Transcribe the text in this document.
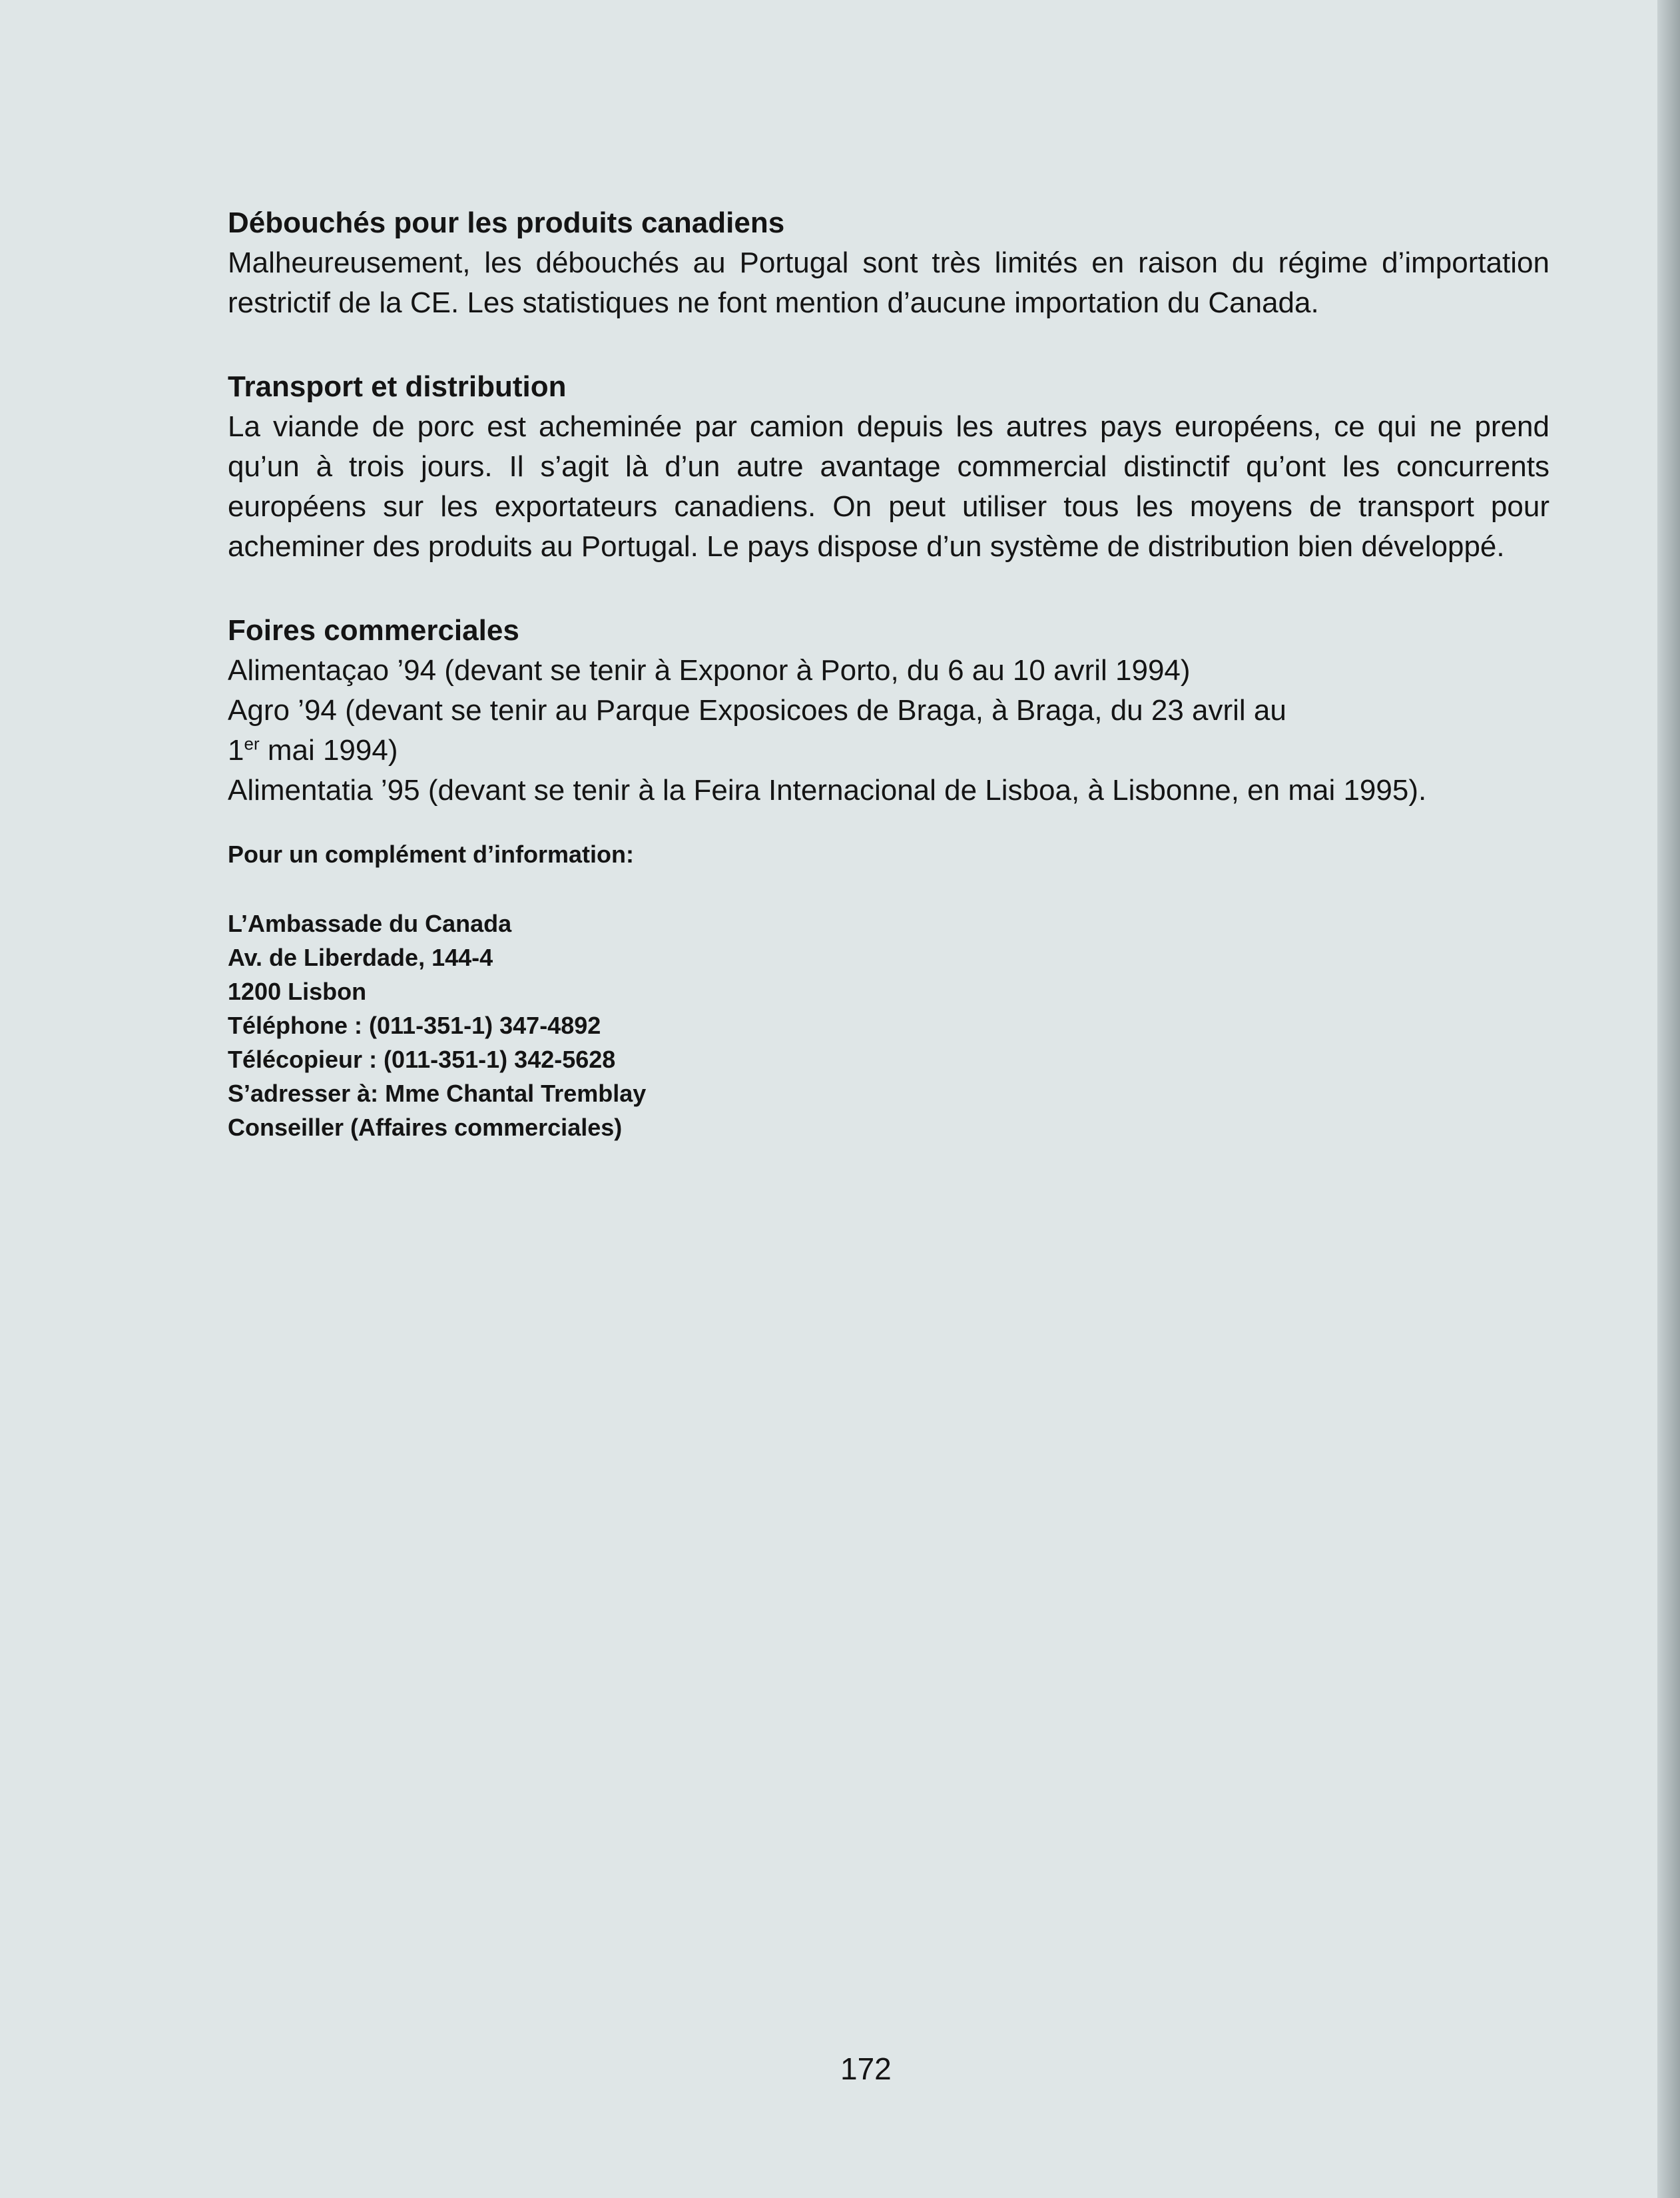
Débouchés pour les produits canadiens

Malheureusement, les débouchés au Portugal sont très limités en raison du régime d’importation restrictif de la CE. Les statistiques ne font mention d’aucune importation du Canada.

Transport et distribution

La viande de porc est acheminée par camion depuis les autres pays européens, ce qui ne prend qu’un à trois jours. Il s’agit là d’un autre avantage commercial distinctif qu’ont les concurrents européens sur les exportateurs canadiens. On peut utiliser tous les moyens de transport pour acheminer des produits au Portugal. Le pays dispose d’un système de distribution bien développé.

Foires commerciales

Alimentaçao ’94 (devant se tenir à Exponor à Porto, du 6 au 10 avril 1994)

Agro ’94 (devant se tenir au Parque Exposicoes de Braga, à Braga, du 23 avril au

1er mai 1994)

Alimentatia ’95 (devant se tenir à la Feira Internacional de Lisboa, à Lisbonne, en mai 1995).

Pour un complément d’information:

L’Ambassade du Canada

Av. de Liberdade, 144-4

1200 Lisbon

Téléphone : (011-351-1) 347-4892

Télécopieur : (011-351-1) 342-5628

S’adresser à: Mme Chantal Tremblay

Conseiller (Affaires commerciales)

172
